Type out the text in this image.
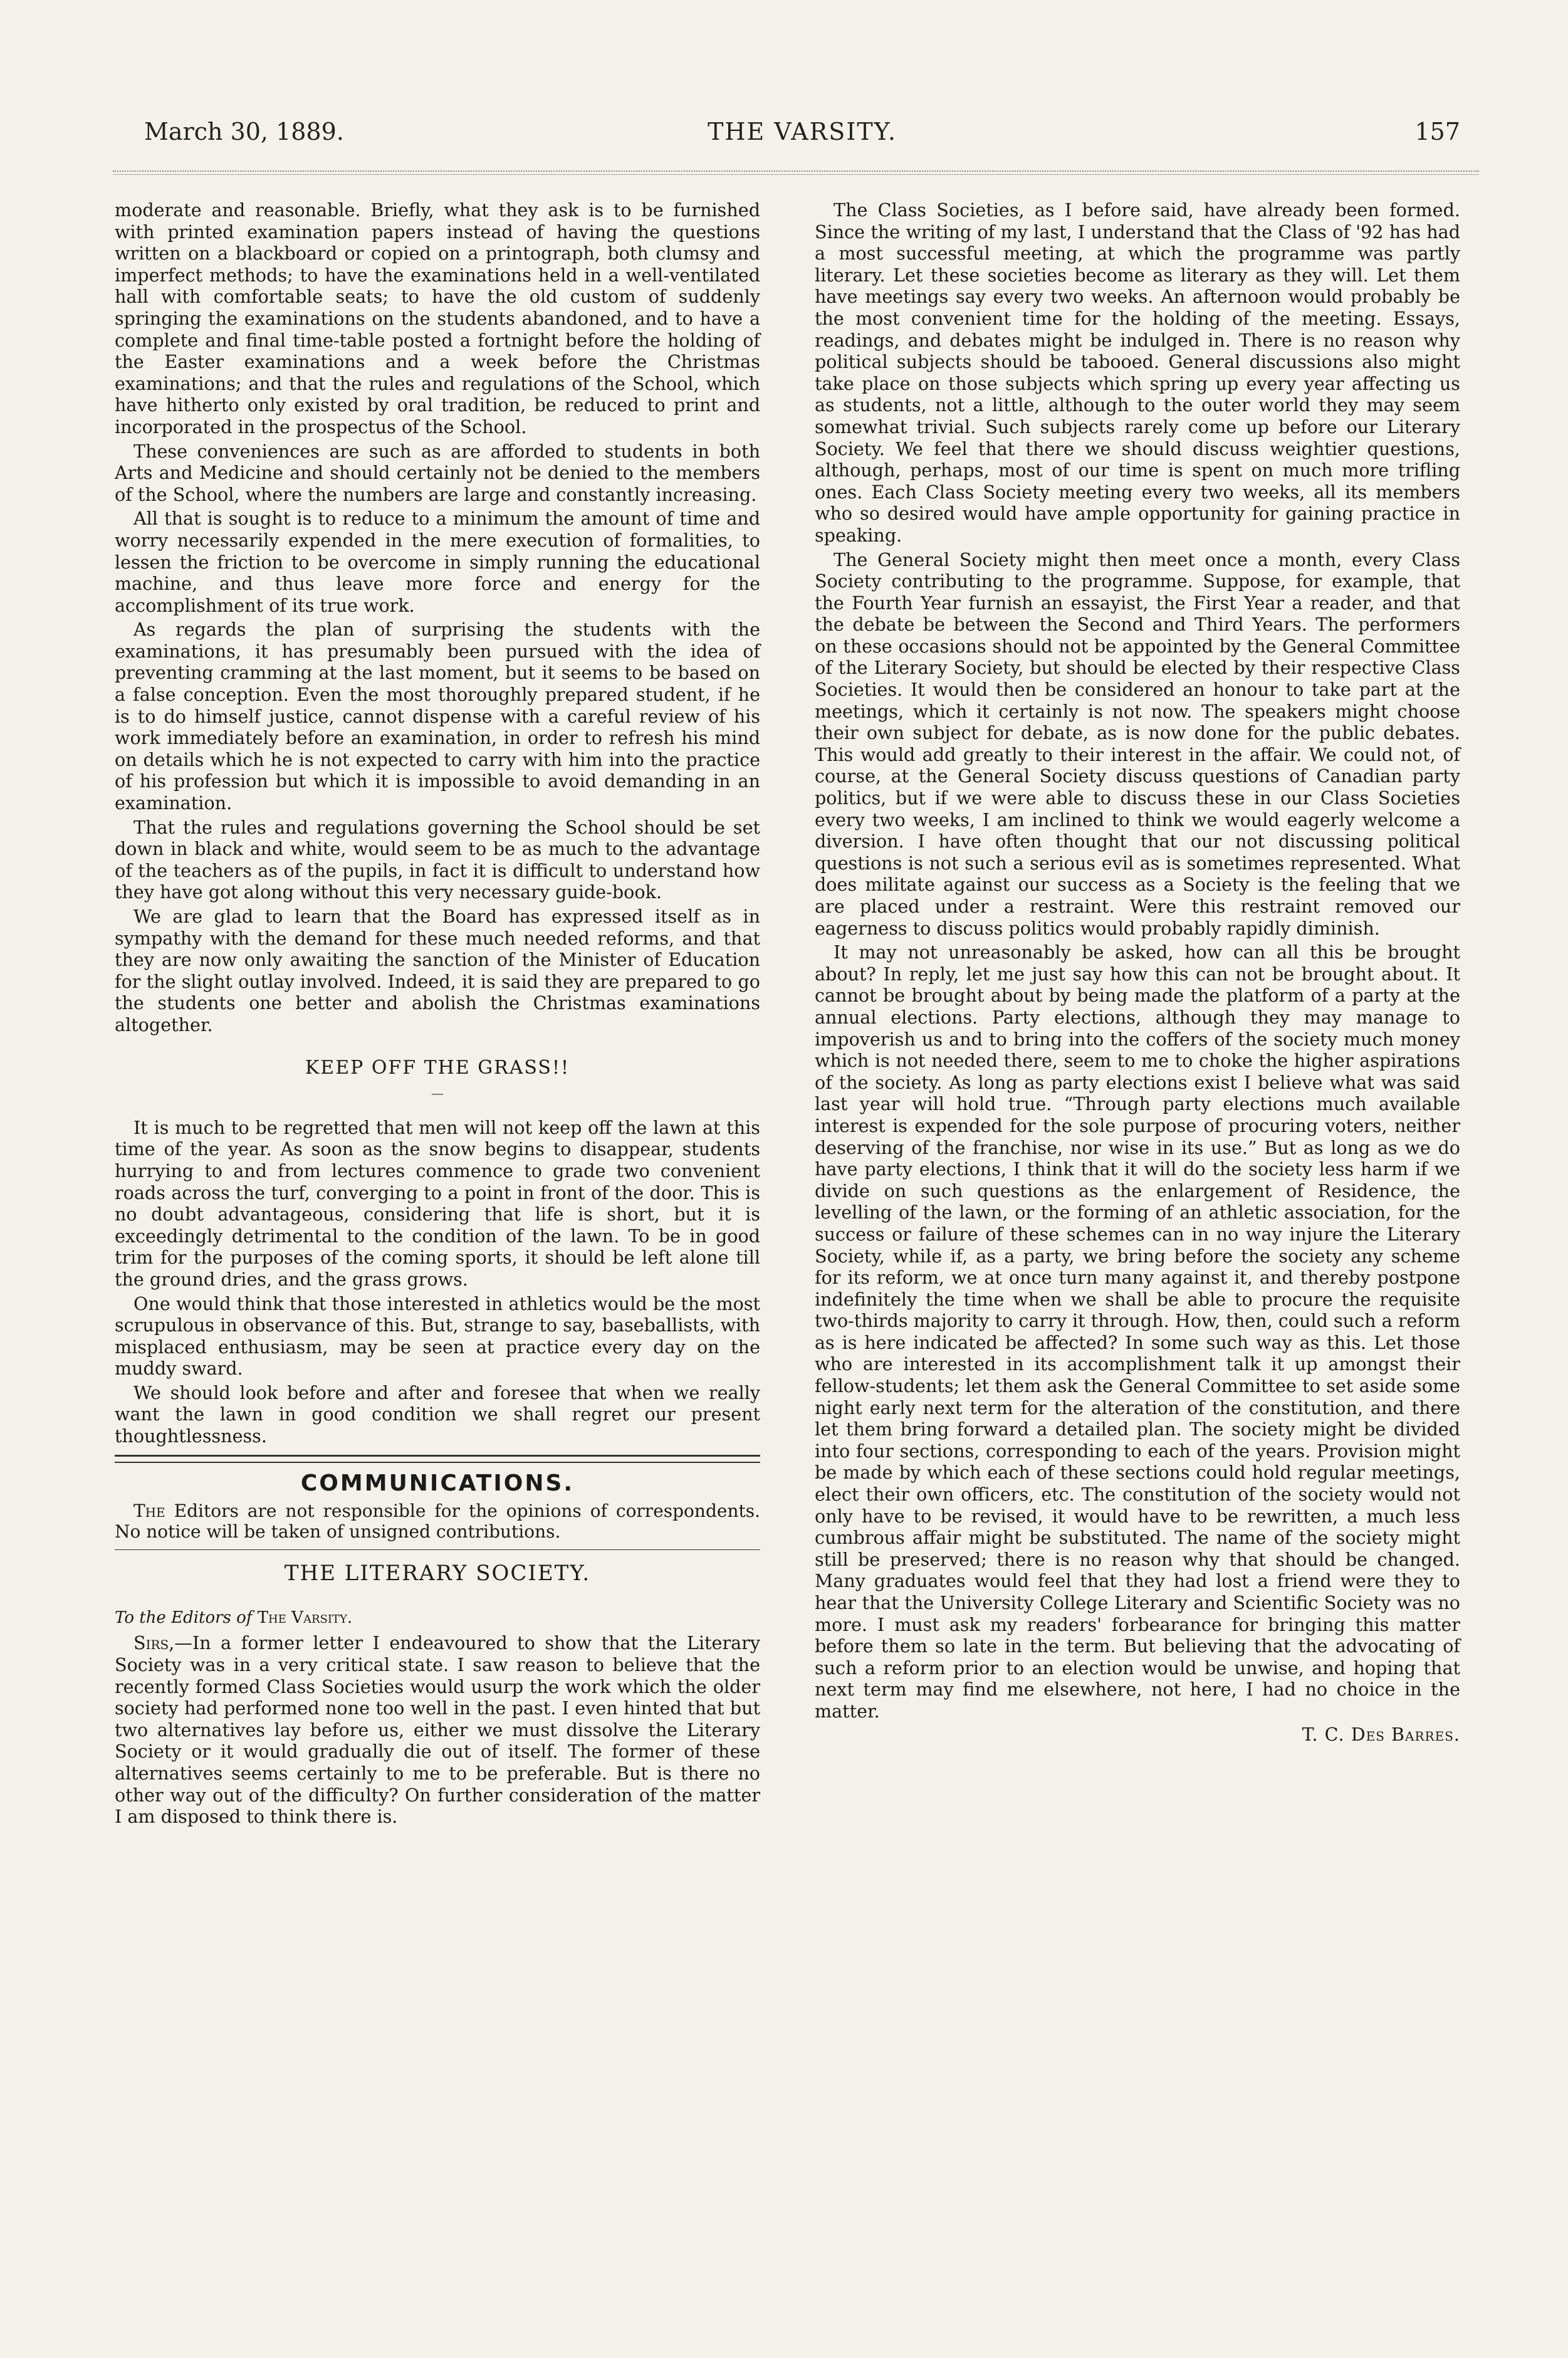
March 30, 1889.	THE VARSITY.	157

moderate and reasonable. Briefly, what they ask is to be furnished with printed examination papers instead of having the questions written on a blackboard or copied on a printograph, both clumsy and imperfect methods; to have the examinations held in a well-ventilated hall with comfortable seats; to have the old custom of suddenly springing the examinations on the students abandoned, and to have a complete and final time-table posted a fortnight before the holding of the Easter examinations and a week before the Christmas examinations; and that the rules and regulations of the School, which have hitherto only existed by oral tradition, be reduced to print and incorporated in the prospectus of the School.

These conveniences are such as are afforded to students in both Arts and Medicine and should certainly not be denied to the members of the School, where the numbers are large and constantly increasing.

All that is sought is to reduce to a minimum the amount of time and worry necessarily expended in the mere execution of formalities, to lessen the friction to be overcome in simply running the educational machine, and thus leave more force and energy for the accomplishment of its true work.

As regards the plan of surprising the students with the examinations, it has presumably been pursued with the idea of preventing cramming at the last moment, but it seems to be based on a false conception. Even the most thoroughly prepared student, if he is to do himself justice, cannot dispense with a careful review of his work immediately before an examination, in order to refresh his mind on details which he is not expected to carry with him into the practice of his profession but which it is impossible to avoid demanding in an examination.

That the rules and regulations governing the School should be set down in black and white, would seem to be as much to the advantage of the teachers as of the pupils, in fact it is difficult to understand how they have got along without this very necessary guide-book.

We are glad to learn that the Board has expressed itself as in sympathy with the demand for these much needed reforms, and that they are now only awaiting the sanction of the Minister of Education for the slight outlay involved. Indeed, it is said they are prepared to go the students one better and abolish the Christmas examinations altogether.

KEEP OFF THE GRASS!!
—

It is much to be regretted that men will not keep off the lawn at this time of the year. As soon as the snow begins to disappear, students hurrying to and from lectures commence to grade two convenient roads across the turf, converging to a point in front of the door. This is no doubt advantageous, considering that life is short, but it is exceedingly detrimental to the condition of the lawn. To be in good trim for the purposes of the coming sports, it should be left alone till the ground dries, and the grass grows.

One would think that those interested in athletics would be the most scrupulous in observance of this. But, strange to say, baseballists, with misplaced enthusiasm, may be seen at practice every day on the muddy sward.

We should look before and after and foresee that when we really want the lawn in good condition we shall regret our present thoughtlessness.

COMMUNICATIONS.
The Editors are not responsible for the opinions of correspondents. No notice will be taken of unsigned contributions.
THE LITERARY SOCIETY.
To the Editors of The Varsity.

Sirs,—In a former letter I endeavoured to show that the Literary Society was in a very critical state. I saw reason to believe that the recently formed Class Societies would usurp the work which the older society had performed none too well in the past. I even hinted that but two alternatives lay before us, either we must dissolve the Literary Society or it would gradually die out of itself. The former of these alternatives seems certainly to me to be preferable. But is there no other way out of the difficulty? On further consideration of the matter I am disposed to think there is.

The Class Societies, as I before said, have already been formed. Since the writing of my last, I understand that the Class of '92 has had a most successful meeting, at which the programme was partly literary. Let these societies become as literary as they will. Let them have meetings say every two weeks. An afternoon would probably be the most convenient time for the holding of the meeting. Essays, readings, and debates might be indulged in. There is no reason why political subjects should be tabooed. General discussions also might take place on those subjects which spring up every year affecting us as students, not a little, although to the outer world they may seem somewhat trivial. Such subjects rarely come up before our Literary Society. We feel that there we should discuss weightier questions, although, perhaps, most of our time is spent on much more trifling ones. Each Class Society meeting every two weeks, all its members who so desired would have ample opportunity for gaining practice in speaking.

The General Society might then meet once a month, every Class Society contributing to the programme. Suppose, for example, that the Fourth Year furnish an essayist, the First Year a reader, and that the debate be between the Second and Third Years. The performers on these occasions should not be appointed by the General Committee of the Literary Society, but should be elected by their respective Class Societies. It would then be considered an honour to take part at the meetings, which it certainly is not now. The speakers might choose their own subject for debate, as is now done for the public debates. This would add greatly to their interest in the affair. We could not, of course, at the General Society discuss questions of Canadian party politics, but if we were able to discuss these in our Class Societies every two weeks, I am inclined to think we would eagerly welcome a diversion. I have often thought that our not discussing political questions is not such a serious evil as is sometimes represented. What does militate against our success as a Society is the feeling that we are placed under a restraint. Were this restraint removed our eagerness to discuss politics would probably rapidly diminish.

It may not unreasonably be asked, how can all this be brought about? In reply, let me just say how this can not be brought about. It cannot be brought about by being made the platform of a party at the annual elections. Party elections, although they may manage to impoverish us and to bring into the coffers of the society much money which is not needed there, seem to me to choke the higher aspirations of the society. As long as party elections exist I believe what was said last year will hold true. “Through party elections much available interest is expended for the sole purpose of procuring voters, neither deserving of the franchise, nor wise in its use.” But as long as we do have party elections, I think that it will do the society less harm if we divide on such questions as the enlargement of Residence, the levelling of the lawn, or the forming of an athletic association, for the success or failure of these schemes can in no way injure the Literary Society, while if, as a party, we bring before the society any scheme for its reform, we at once turn many against it, and thereby postpone indefinitely the time when we shall be able to procure the requisite two-thirds majority to carry it through. How, then, could such a reform as is here indicated be affected? In some such way as this. Let those who are interested in its accomplishment talk it up amongst their fellow-students; let them ask the General Committee to set aside some night early next term for the alteration of the constitution, and there let them bring forward a detailed plan. The society might be divided into four sections, corresponding to each of the years. Provision might be made by which each of these sections could hold regular meetings, elect their own officers, etc. The constitution of the society would not only have to be revised, it would have to be rewritten, a much less cumbrous affair might be substituted. The name of the society might still be preserved; there is no reason why that should be changed. Many graduates would feel that they had lost a friend were they to hear that the University College Literary and Scientific Society was no more. I must ask my readers' forbearance for bringing this matter before them so late in the term. But believing that the advocating of such a reform prior to an election would be unwise, and hoping that next term may find me elsewhere, not here, I had no choice in the matter.

T. C. Des Barres.
